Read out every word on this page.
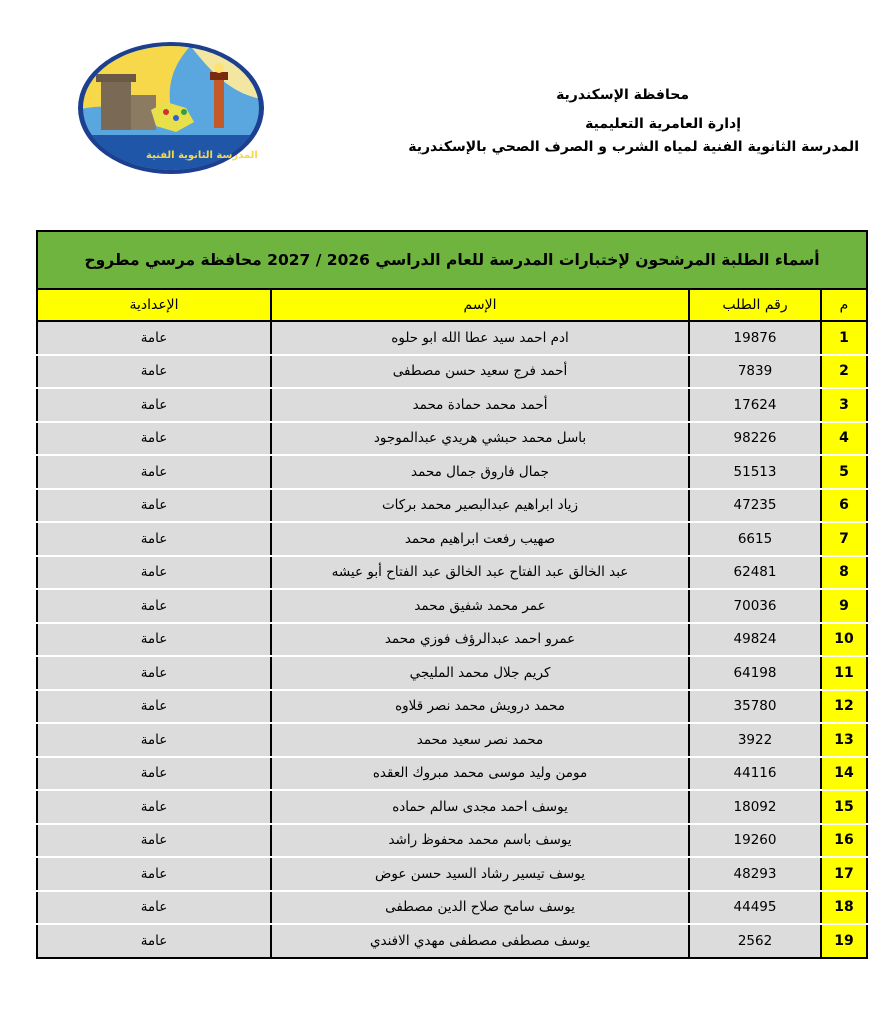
المدرسة الثانوية الفنية
محافظة الإسكندرية
إدارة العامرية التعليمية
المدرسة الثانوية الفنية لمياه الشرب و الصرف الصحي بالإسكندرية
أسماء الطلبة المرشحون لإختبارات المدرسة للعام الدراسي 2026 / 2027 محافظة مرسي مطروح			
م	رقم الطلب	الإسم	الإعدادية
1	19876	ادم احمد سيد عطا الله ابو حلوه	عامة
2	7839	أحمد فرج سعيد حسن مصطفى	عامة
3	17624	أحمد محمد حمادة محمد	عامة
4	98226	باسل محمد حبشي هريدي عبدالموجود	عامة
5	51513	جمال فاروق جمال محمد	عامة
6	47235	زياد ابراهيم عبدالبصير محمد بركات	عامة
7	6615	صهيب رفعت ابراهيم محمد	عامة
8	62481	عبد الخالق عبد الفتاح عبد الخالق عبد الفتاح أبو عيشه	عامة
9	70036	عمر محمد شفيق محمد	عامة
10	49824	عمرو احمد عبدالرؤف فوزي محمد	عامة
11	64198	كريم جلال محمد المليجي	عامة
12	35780	محمد درويش محمد نصر قلاوه	عامة
13	3922	محمد نصر سعيد محمد	عامة
14	44116	مومن وليد موسى محمد مبروك العقده	عامة
15	18092	يوسف احمد مجدى سالم حماده	عامة
16	19260	يوسف باسم محمد محفوظ راشد	عامة
17	48293	يوسف تيسير رشاد السيد حسن عوض	عامة
18	44495	يوسف سامح صلاح الدين مصطفى	عامة
19	2562	يوسف مصطفى مصطفى مهدي الافندي	عامة
